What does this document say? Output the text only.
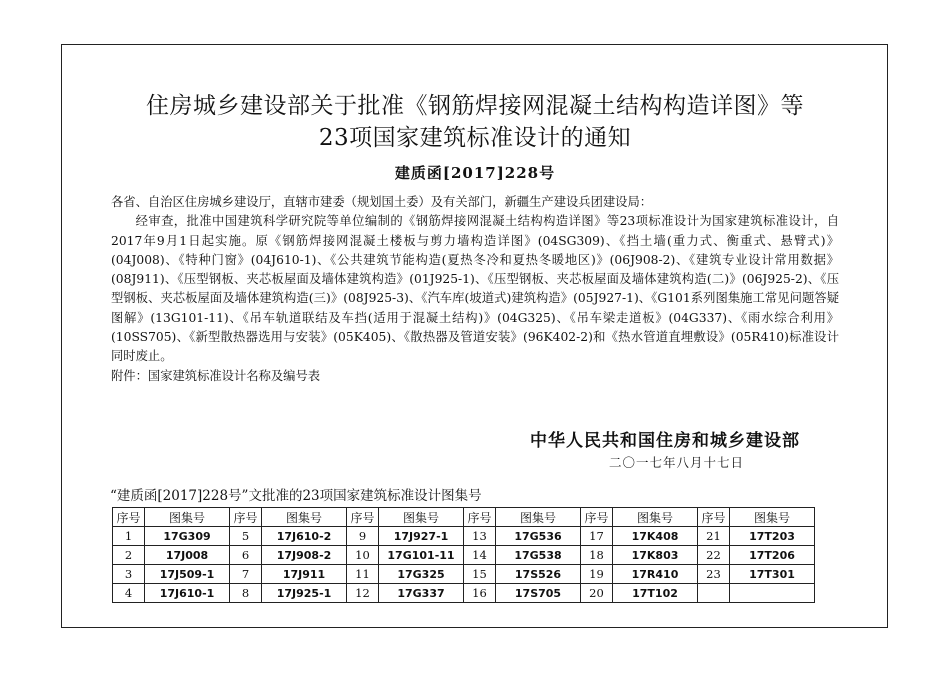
住房城乡建设部关于批准《钢筋焊接网混凝土结构构造详图》等
23项国家建筑标准设计的通知
建质函[2017]228号

各省、自治区住房城乡建设厅，直辖市建委（规划国土委）及有关部门，新疆生产建设兵团建设局：

经审查，批准中国建筑科学研究院等单位编制的《钢筋焊接网混凝土结构构造详图》等23项标准设计为国家建筑标准设计，自2017年9月1日起实施。原《钢筋焊接网混凝土楼板与剪力墙构造详图》(04SG309)、《挡土墙(重力式、衡重式、悬臂式)》(04J008)、《特种门窗》(04J610-1)、《公共建筑节能构造(夏热冬冷和夏热冬暖地区)》(06J908-2)、《建筑专业设计常用数据》(08J911)、《压型钢板、夹芯板屋面及墙体建筑构造》(01J925-1)、《压型钢板、夹芯板屋面及墙体建筑构造(二)》(06J925-2)、《压型钢板、夹芯板屋面及墙体建筑构造(三)》(08J925-3)、《汽车库(坡道式)建筑构造》(05J927-1)、《G101系列图集施工常见问题答疑图解》(13G101-11)、《吊车轨道联结及车挡(适用于混凝土结构)》(04G325)、《吊车梁走道板》(04G337)、《雨水综合利用》(10SS705)、《新型散热器选用与安装》(05K405)、《散热器及管道安装》(96K402-2)和《热水管道直埋敷设》(05R410)标准设计同时废止。

附件：国家建筑标准设计名称及编号表

中华人民共和国住房和城乡建设部
二〇一七年八月十七日
“建质函[2017]228号”文批准的23项国家建筑标准设计图集号
序号	图集号	序号	图集号	序号	图集号	序号	图集号	序号	图集号	序号	图集号
1	17G309	5	17J610-2	9	17J927-1	13	17G536	17	17K408	21	17T203
2	17J008	6	17J908-2	10	17G101-11	14	17G538	18	17K803	22	17T206
3	17J509-1	7	17J911	11	17G325	15	17S526	19	17R410	23	17T301
4	17J610-1	8	17J925-1	12	17G337	16	17S705	20	17T102		
